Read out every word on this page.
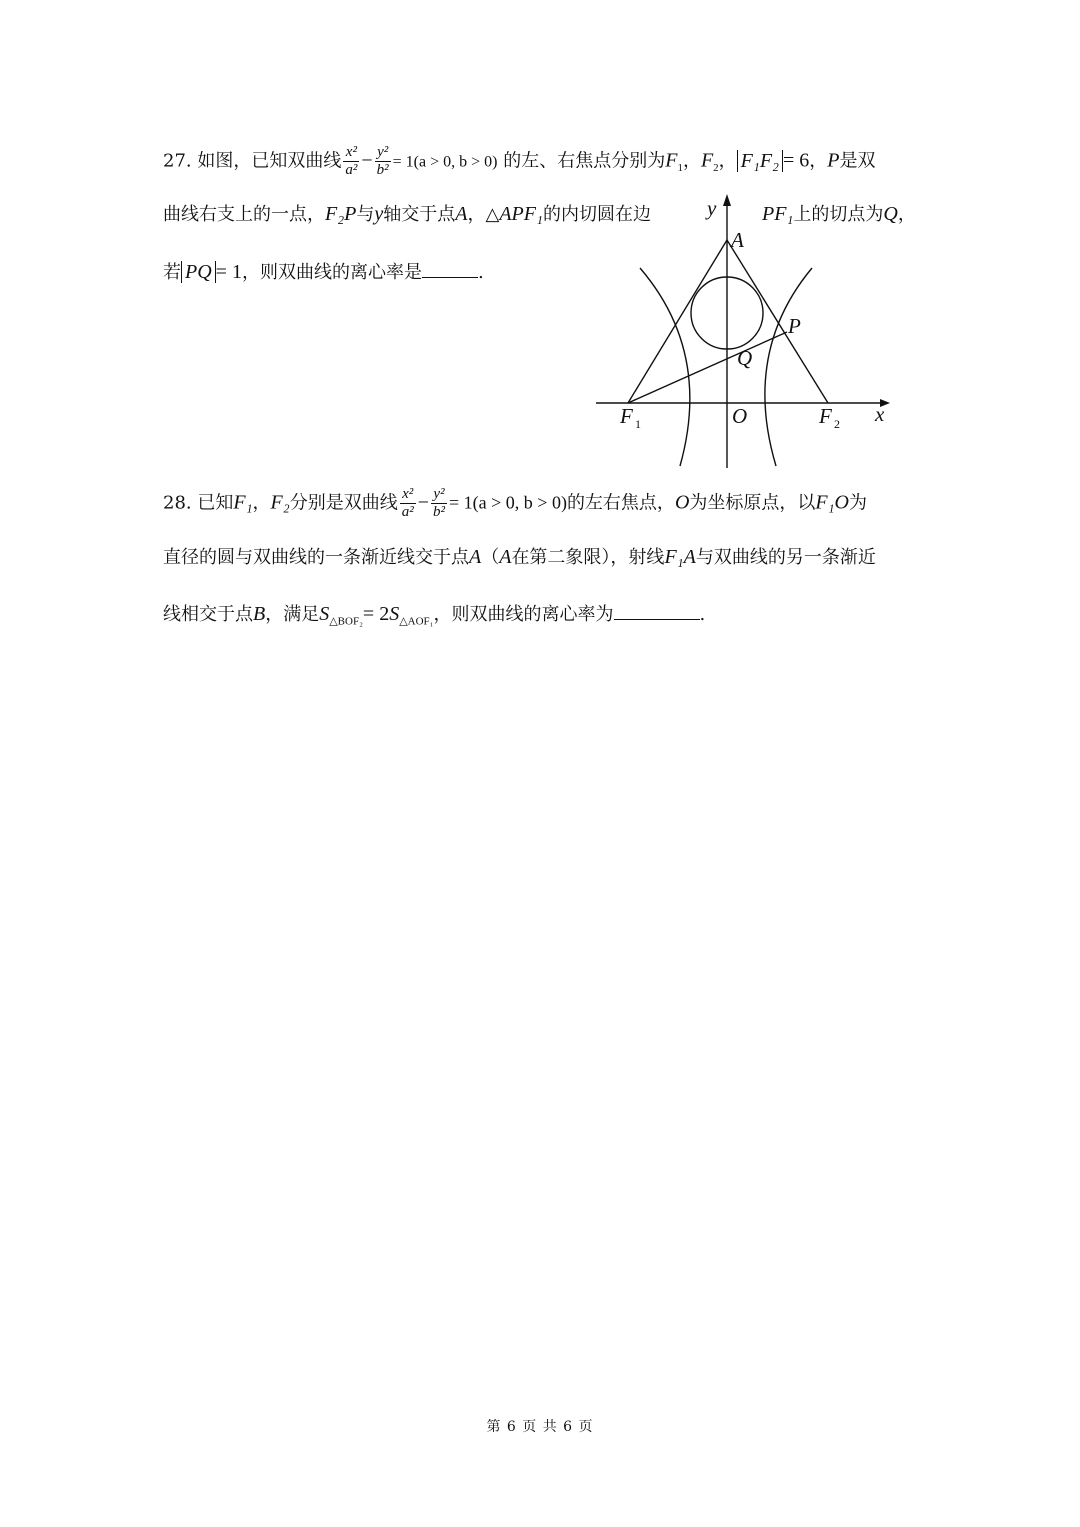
27. 如图，已知双曲线 $\frac{\text{x²}}{\text{a²}} - \frac{\text{y²}}{\text{b²}} = 1(a > 0$, b > 0) 的左、右焦点分别为$F_1$，$F_2$， F₁F₂ = 6，P是双
曲线右支上的一点，F₂P与y轴交于点A，△APF₁的内切圆在边	PF₁上的切点为Q，
若 PQ = 1，则双曲线的离心率是	.
y
x
A
P
Q
O
F 1	F 2
28. 已知F₁，F₂分别是双曲线 $\frac{\text{x²}}{\text{a²}} - \frac{\text{y²}}{\text{b²}} = 1(a > 0$, b > 0)的左右焦点，O为坐标原点，以F₁O为
直径的圆与双曲线的一条渐近线交于点A（A在第二象限），射线F₁A与双曲线的另一条渐近
线相交于点B，满足$S_{\triangle BOF_2}= 2S_{\triangle AOF_1}$，则双曲线的离心率为	.
第 6 页 共 6 页
